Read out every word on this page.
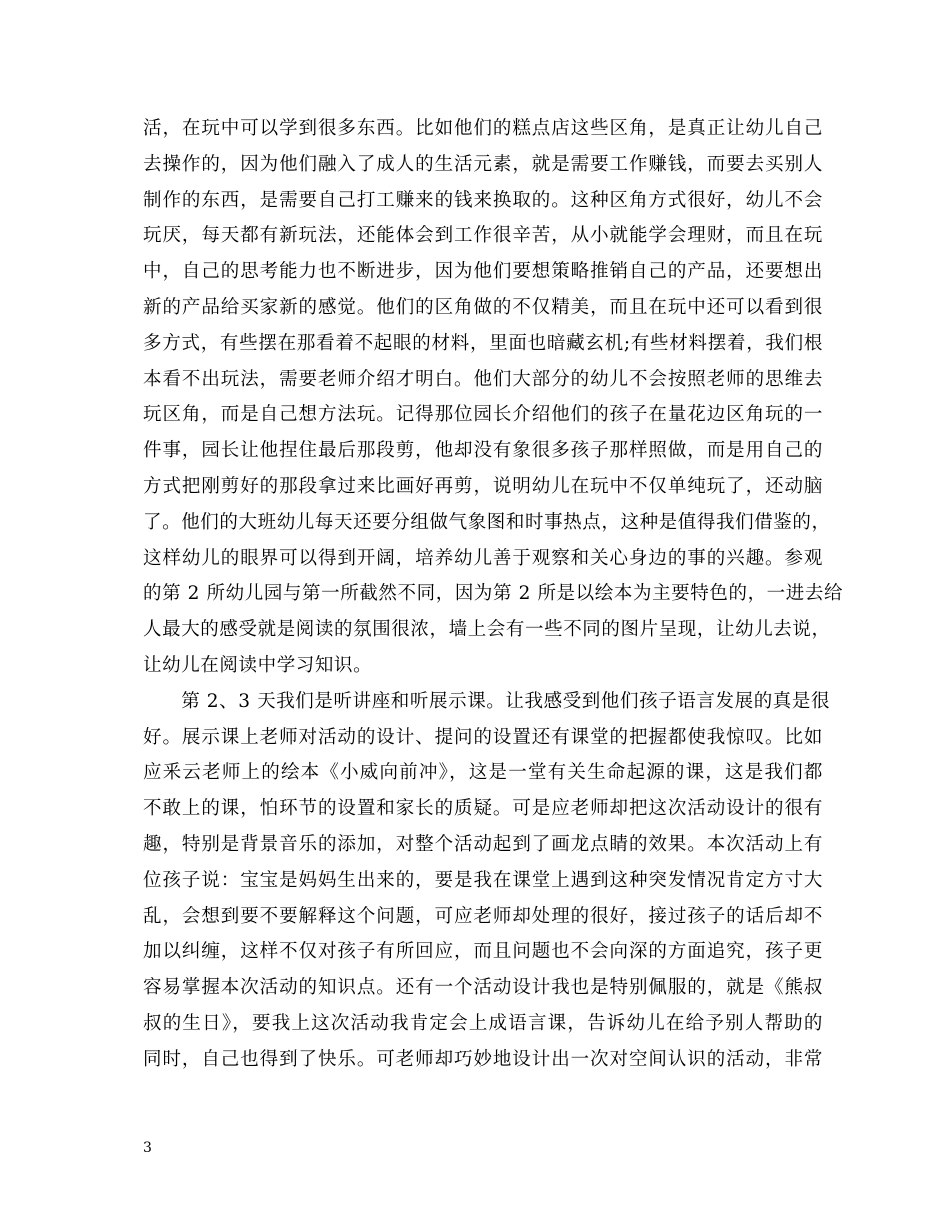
活，在玩中可以学到很多东西。比如他们的糕点店这些区角，是真正让幼儿自己
去操作的，因为他们融入了成人的生活元素，就是需要工作赚钱，而要去买别人
制作的东西，是需要自己打工赚来的钱来换取的。这种区角方式很好，幼儿不会
玩厌，每天都有新玩法，还能体会到工作很辛苦，从小就能学会理财，而且在玩
中，自己的思考能力也不断进步，因为他们要想策略推销自己的产品，还要想出
新的产品给买家新的感觉。他们的区角做的不仅精美，而且在玩中还可以看到很
多方式，有些摆在那看着不起眼的材料，里面也暗藏玄机;有些材料摆着，我们根
本看不出玩法，需要老师介绍才明白。他们大部分的幼儿不会按照老师的思维去
玩区角，而是自己想方法玩。记得那位园长介绍他们的孩子在量花边区角玩的一
件事，园长让他捏住最后那段剪，他却没有象很多孩子那样照做，而是用自己的
方式把刚剪好的那段拿过来比画好再剪，说明幼儿在玩中不仅单纯玩了，还动脑
了。他们的大班幼儿每天还要分组做气象图和时事热点，这种是值得我们借鉴的，
这样幼儿的眼界可以得到开阔，培养幼儿善于观察和关心身边的事的兴趣。参观
的第 2 所幼儿园与第一所截然不同，因为第 2 所是以绘本为主要特色的，一进去给
人最大的感受就是阅读的氛围很浓，墙上会有一些不同的图片呈现，让幼儿去说，
让幼儿在阅读中学习知识。
　　第 2、3 天我们是听讲座和听展示课。让我感受到他们孩子语言发展的真是很
好。展示课上老师对活动的设计、提问的设置还有课堂的把握都使我惊叹。比如
应釆云老师上的绘本《小威向前冲》，这是一堂有关生命起源的课，这是我们都
不敢上的课，怕环节的设置和家长的质疑。可是应老师却把这次活动设计的很有
趣，特别是背景音乐的添加，对整个活动起到了画龙点睛的效果。本次活动上有
位孩子说：宝宝是妈妈生出来的，要是我在课堂上遇到这种突发情况肯定方寸大
乱，会想到要不要解释这个问题，可应老师却处理的很好，接过孩子的话后却不
加以纠缠，这样不仅对孩子有所回应，而且问题也不会向深的方面追究，孩子更
容易掌握本次活动的知识点。还有一个活动设计我也是特别佩服的，就是《熊叔
叔的生日》，要我上这次活动我肯定会上成语言课，告诉幼儿在给予别人帮助的
同时，自己也得到了快乐。可老师却巧妙地设计出一次对空间认识的活动，非常
3
